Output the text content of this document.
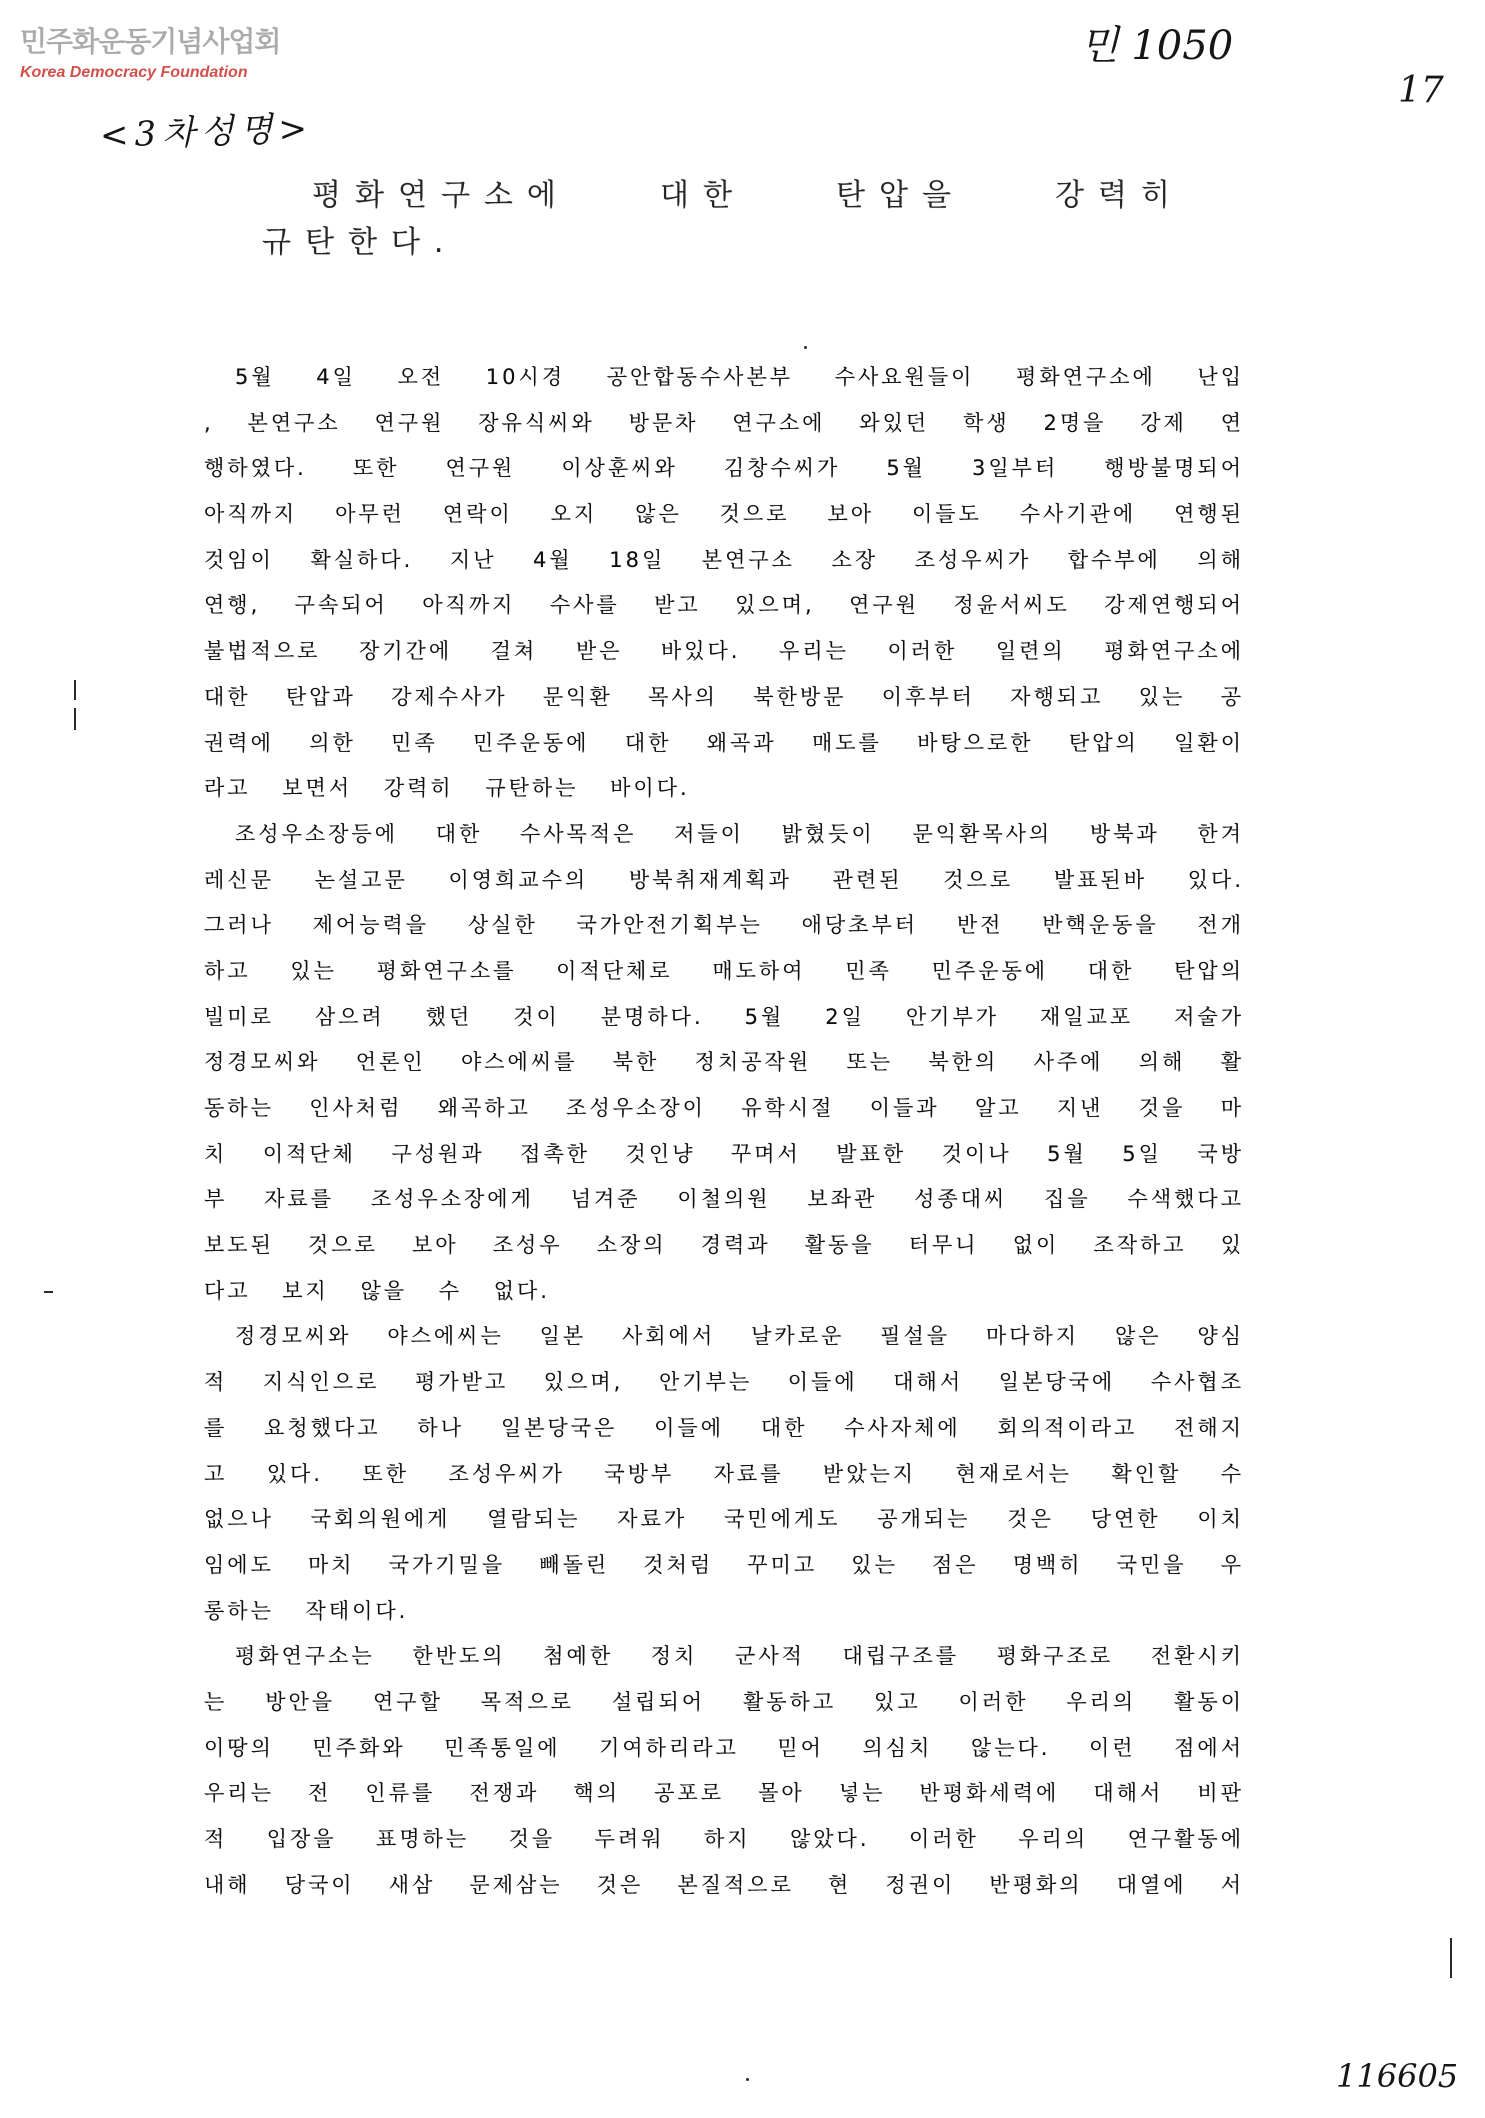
민주화운동기념사업회
Korea Democracy Foundation
민 1050
17
<3차성명>
116605
평화연구소에 대한 탄압을 강력히
규탄한다.
5월 4일 오전 10시경 공안합동수사본부 수사요원들이 평화연구소에 난입
, 본연구소 연구원 장유식씨와 방문차 연구소에 와있던 학생 2명을 강제 연
행하였다. 또한 연구원 이상훈씨와 김창수씨가 5월 3일부터 행방불명되어
아직까지 아무런 연락이 오지 않은 것으로 보아 이들도 수사기관에 연행된
것임이 확실하다. 지난 4월 18일 본연구소 소장 조성우씨가 합수부에 의해
연행, 구속되어 아직까지 수사를 받고 있으며, 연구원 정윤서씨도 강제연행되어
불법적으로 장기간에 걸쳐 받은 바있다. 우리는 이러한 일련의 평화연구소에
대한 탄압과 강제수사가 문익환 목사의 북한방문 이후부터 자행되고 있는 공
권력에 의한 민족 민주운동에 대한 왜곡과 매도를 바탕으로한 탄압의 일환이
라고 보면서 강력히 규탄하는 바이다.
조성우소장등에 대한 수사목적은 저들이 밝혔듯이 문익환목사의 방북과 한겨
레신문 논설고문 이영희교수의 방북취재계획과 관련된 것으로 발표된바 있다.
그러나 제어능력을 상실한 국가안전기획부는 애당초부터 반전 반핵운동을 전개
하고 있는 평화연구소를 이적단체로 매도하여 민족 민주운동에 대한 탄압의
빌미로 삼으려 했던 것이 분명하다. 5월 2일 안기부가 재일교포 저술가
정경모씨와 언론인 야스에씨를 북한 정치공작원 또는 북한의 사주에 의해 활
동하는 인사처럼 왜곡하고 조성우소장이 유학시절 이들과 알고 지낸 것을 마
치 이적단체 구성원과 접촉한 것인냥 꾸며서 발표한 것이나 5월 5일 국방
부 자료를 조성우소장에게 넘겨준 이철의원 보좌관 성종대씨 집을 수색했다고
보도된 것으로 보아 조성우 소장의 경력과 활동을 터무니 없이 조작하고 있
다고 보지 않을 수 없다.
정경모씨와 야스에씨는 일본 사회에서 날카로운 필설을 마다하지 않은 양심
적 지식인으로 평가받고 있으며, 안기부는 이들에 대해서 일본당국에 수사협조
를 요청했다고 하나 일본당국은 이들에 대한 수사자체에 회의적이라고 전해지
고 있다. 또한 조성우씨가 국방부 자료를 받았는지 현재로서는 확인할 수
없으나 국회의원에게 열람되는 자료가 국민에게도 공개되는 것은 당연한 이치
임에도 마치 국가기밀을 빼돌린 것처럼 꾸미고 있는 점은 명백히 국민을 우
롱하는 작태이다.
평화연구소는 한반도의 첨예한 정치 군사적 대립구조를 평화구조로 전환시키
는 방안을 연구할 목적으로 설립되어 활동하고 있고 이러한 우리의 활동이
이땅의 민주화와 민족통일에 기여하리라고 믿어 의심치 않는다. 이런 점에서
우리는 전 인류를 전쟁과 핵의 공포로 몰아 넣는 반평화세력에 대해서 비판
적 입장을 표명하는 것을 두려워 하지 않았다. 이러한 우리의 연구활동에
내해 당국이 새삼 문제삼는 것은 본질적으로 현 정권이 반평화의 대열에 서
